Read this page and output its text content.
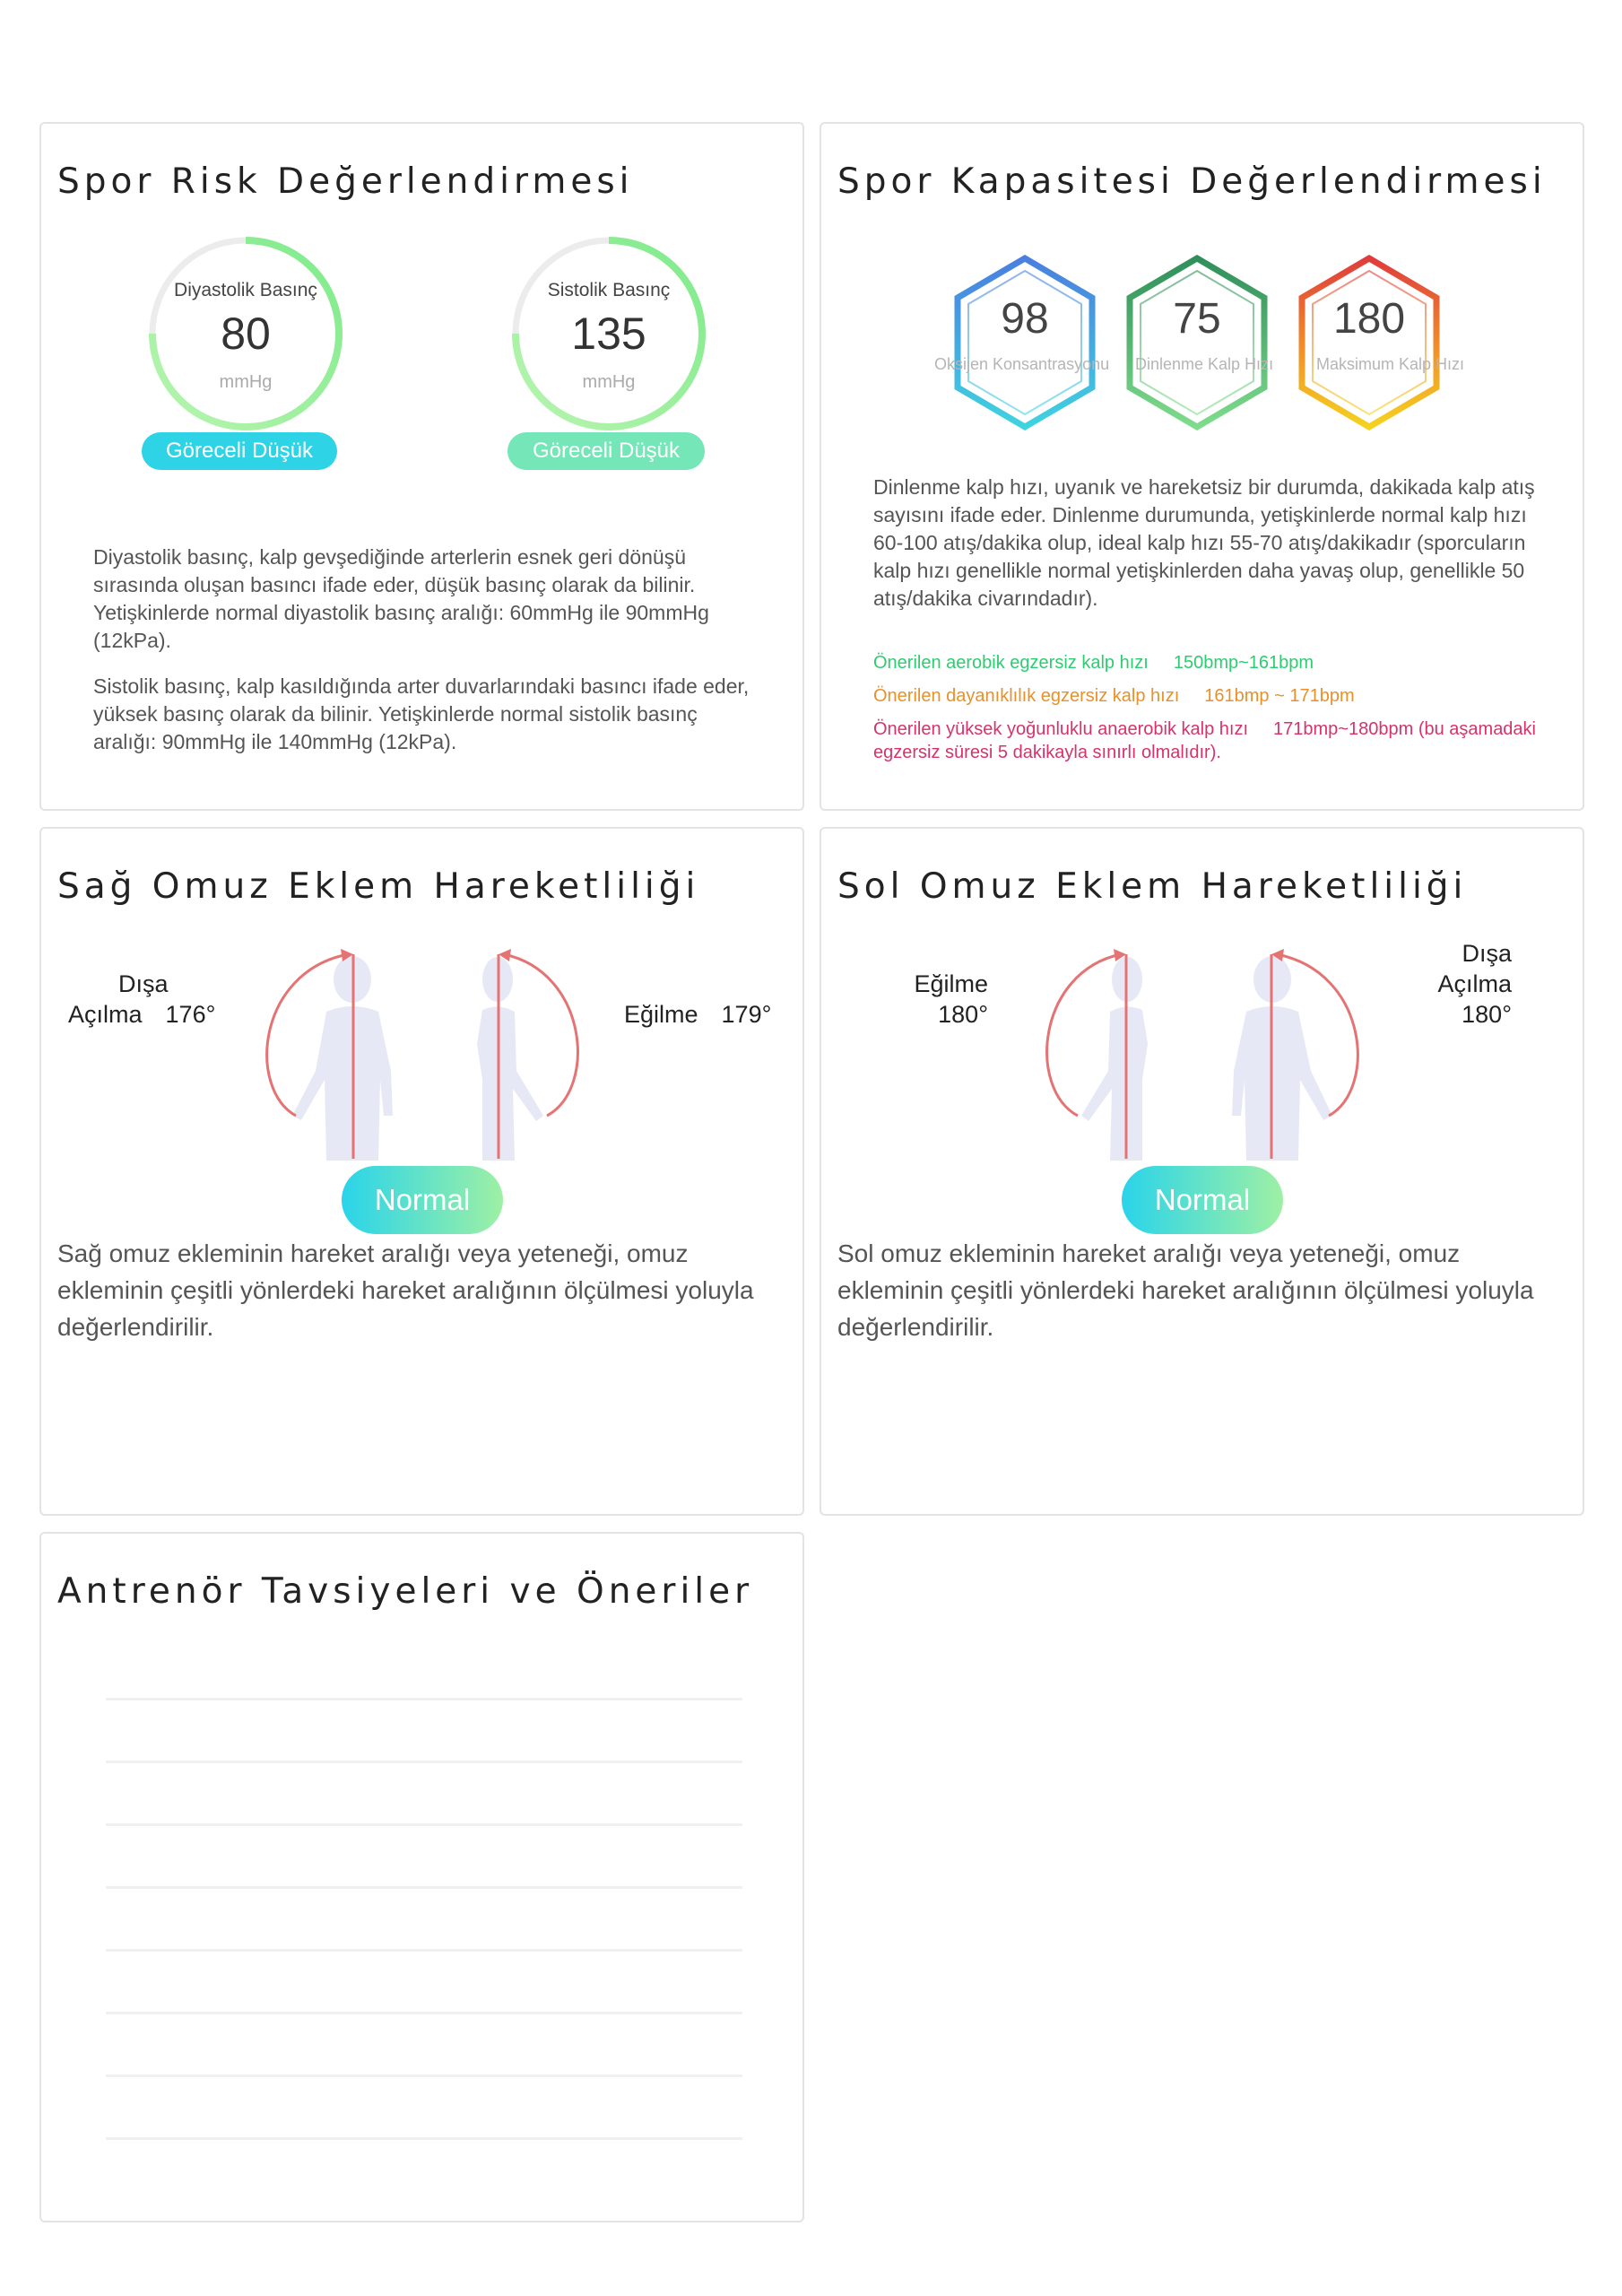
Spor Risk Değerlendirmesi
Diyastolik Basınç
80
mmHg
Göreceli Düşük
Sistolik Basınç
135
mmHg
Göreceli Düşük

Diyastolik basınç, kalp gevşediğinde arterlerin esnek geri dönüşü sırasında oluşan basıncı ifade eder, düşük basınç olarak da bilinir. Yetişkinlerde normal diyastolik basınç aralığı: 60mmHg ile 90mmHg (12kPa).

Sistolik basınç, kalp kasıldığında arter duvarlarındaki basıncı ifade eder, yüksek basınç olarak da bilinir. Yetişkinlerde normal sistolik basınç aralığı: 90mmHg ile 140mmHg (12kPa).

Spor Kapasitesi Değerlendirmesi
98
Oksijen Konsantrasyonu
75
Dinlenme Kalp Hızı
180
Maksimum Kalp Hızı

Dinlenme kalp hızı, uyanık ve hareketsiz bir durumda, dakikada kalp atış sayısını ifade eder. Dinlenme durumunda, yetişkinlerde normal kalp hızı 60-100 atış/dakika olup, ideal kalp hızı 55-70 atış/dakikadır (sporcuların kalp hızı genellikle normal yetişkinlerden daha yavaş olup, genellikle 50 atış/dakika civarındadır).

Önerilen aerobik egzersiz kalp hızı 150bmp~161bpm
Önerilen dayanıklılık egzersiz kalp hızı 161bmp ~ 171bpm
Önerilen yüksek yoğunluklu anaerobik kalp hızı 171bmp~180bpm (bu aşamadaki egzersiz süresi 5 dakikayla sınırlı olmalıdır).
Sağ Omuz Eklem Hareketliliği
Dışa
Açılma 176°	Eğilme 179°
Normal

Sağ omuz ekleminin hareket aralığı veya yeteneği, omuz ekleminin çeşitli yönlerdeki hareket aralığının ölçülmesi yoluyla değerlendirilir.

Sol Omuz Eklem Hareketliliği
Eğilme
180°
Dışa
Açılma
180°
Normal

Sol omuz ekleminin hareket aralığı veya yeteneği, omuz ekleminin çeşitli yönlerdeki hareket aralığının ölçülmesi yoluyla değerlendirilir.

Antrenör Tavsiyeleri ve Öneriler
